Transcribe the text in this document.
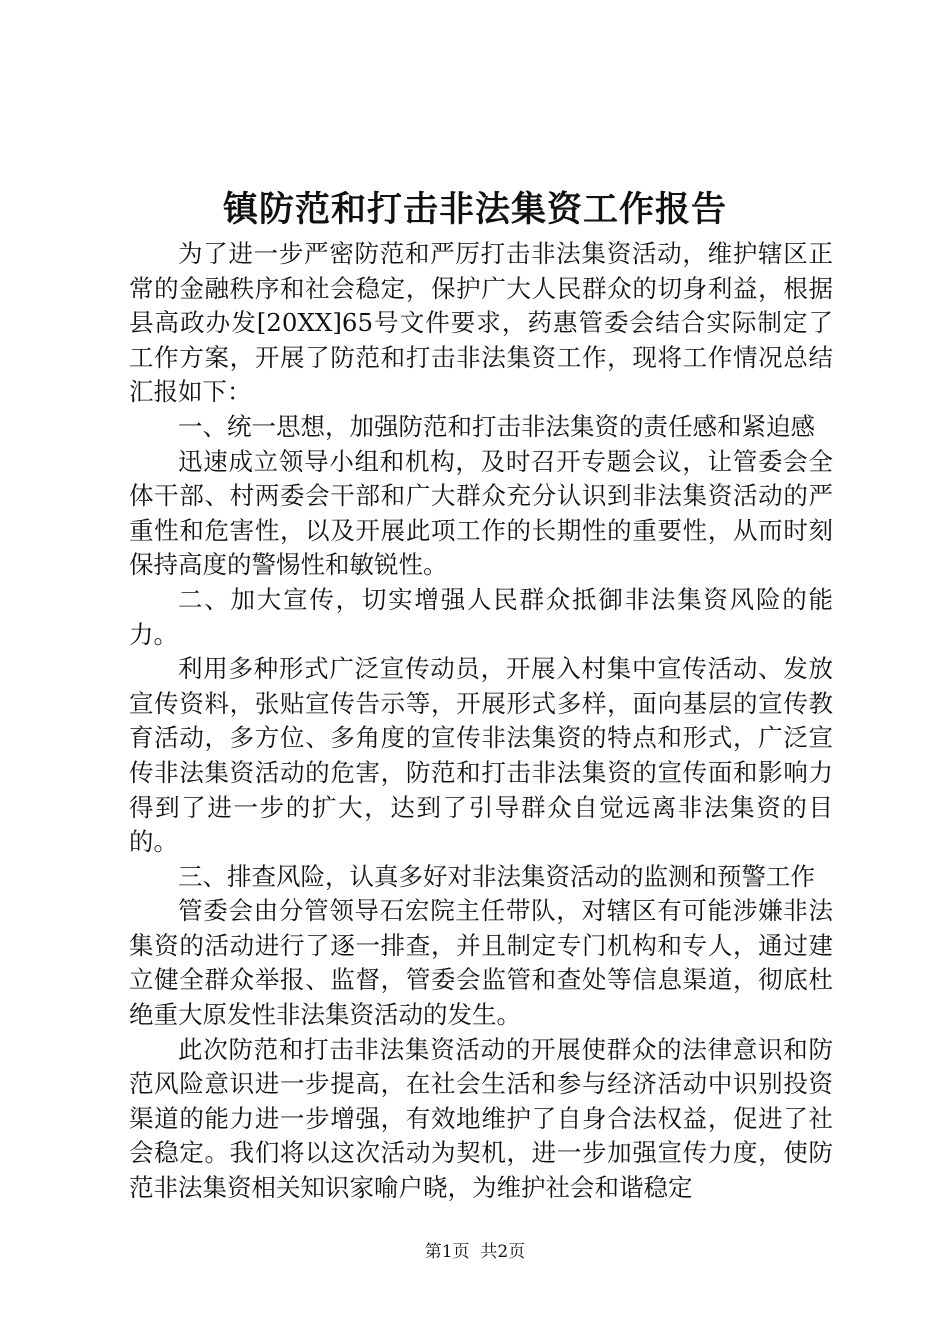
镇防范和打击非法集资工作报告

为了进一步严密防范和严厉打击非法集资活动，维护辖区正常的金融秩序和社会稳定，保护广大人民群众的切身利益，根据县高政办发[20XX]65号文件要求，药惠管委会结合实际制定了工作方案，开展了防范和打击非法集资工作，现将工作情况总结汇报如下：

一、统一思想，加强防范和打击非法集资的责任感和紧迫感

迅速成立领导小组和机构，及时召开专题会议，让管委会全体干部、村两委会干部和广大群众充分认识到非法集资活动的严重性和危害性，以及开展此项工作的长期性的重要性，从而时刻保持高度的警惕性和敏锐性。

二、加大宣传，切实增强人民群众抵御非法集资风险的能力。

利用多种形式广泛宣传动员，开展入村集中宣传活动、发放宣传资料，张贴宣传告示等，开展形式多样，面向基层的宣传教育活动，多方位、多角度的宣传非法集资的特点和形式，广泛宣传非法集资活动的危害，防范和打击非法集资的宣传面和影响力得到了进一步的扩大，达到了引导群众自觉远离非法集资的目的。

三、排查风险，认真多好对非法集资活动的监测和预警工作

管委会由分管领导石宏院主任带队，对辖区有可能涉嫌非法集资的活动进行了逐一排查，并且制定专门机构和专人，通过建立健全群众举报、监督，管委会监管和查处等信息渠道，彻底杜绝重大原发性非法集资活动的发生。

此次防范和打击非法集资活动的开展使群众的法律意识和防范风险意识进一步提高，在社会生活和参与经济活动中识别投资渠道的能力进一步增强，有效地维护了自身合法权益，促进了社会稳定。我们将以这次活动为契机，进一步加强宣传力度，使防范非法集资相关知识家喻户晓，为维护社会和谐稳定

第1页  共2页
